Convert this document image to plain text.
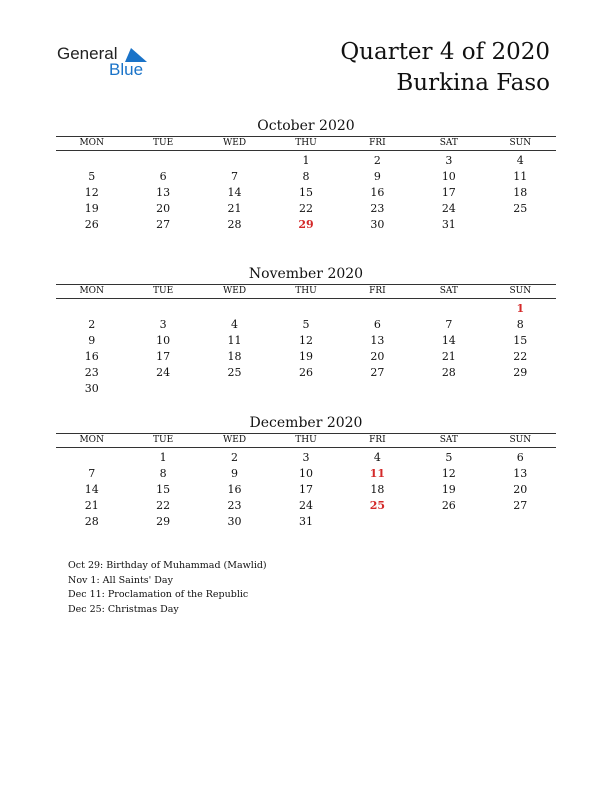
General
Blue
Quarter 4 of 2020
Burkina Faso
October 2020
MON	TUE	WED	THU	FRI	SAT	SUN

			1	2	3	4
5	6	7	8	9	10	11
12	13	14	15	16	17	18
19	20	21	22	23	24	25
26	27	28	29	30	31	
November 2020
MON	TUE	WED	THU	FRI	SAT	SUN

						1
2	3	4	5	6	7	8
9	10	11	12	13	14	15
16	17	18	19	20	21	22
23	24	25	26	27	28	29
30						
December 2020
MON	TUE	WED	THU	FRI	SAT	SUN

	1	2	3	4	5	6
7	8	9	10	11	12	13
14	15	16	17	18	19	20
21	22	23	24	25	26	27
28	29	30	31			
Oct 29: Birthday of Muhammad (Mawlid)
Nov 1: All Saints' Day
Dec 11: Proclamation of the Republic
Dec 25: Christmas Day
